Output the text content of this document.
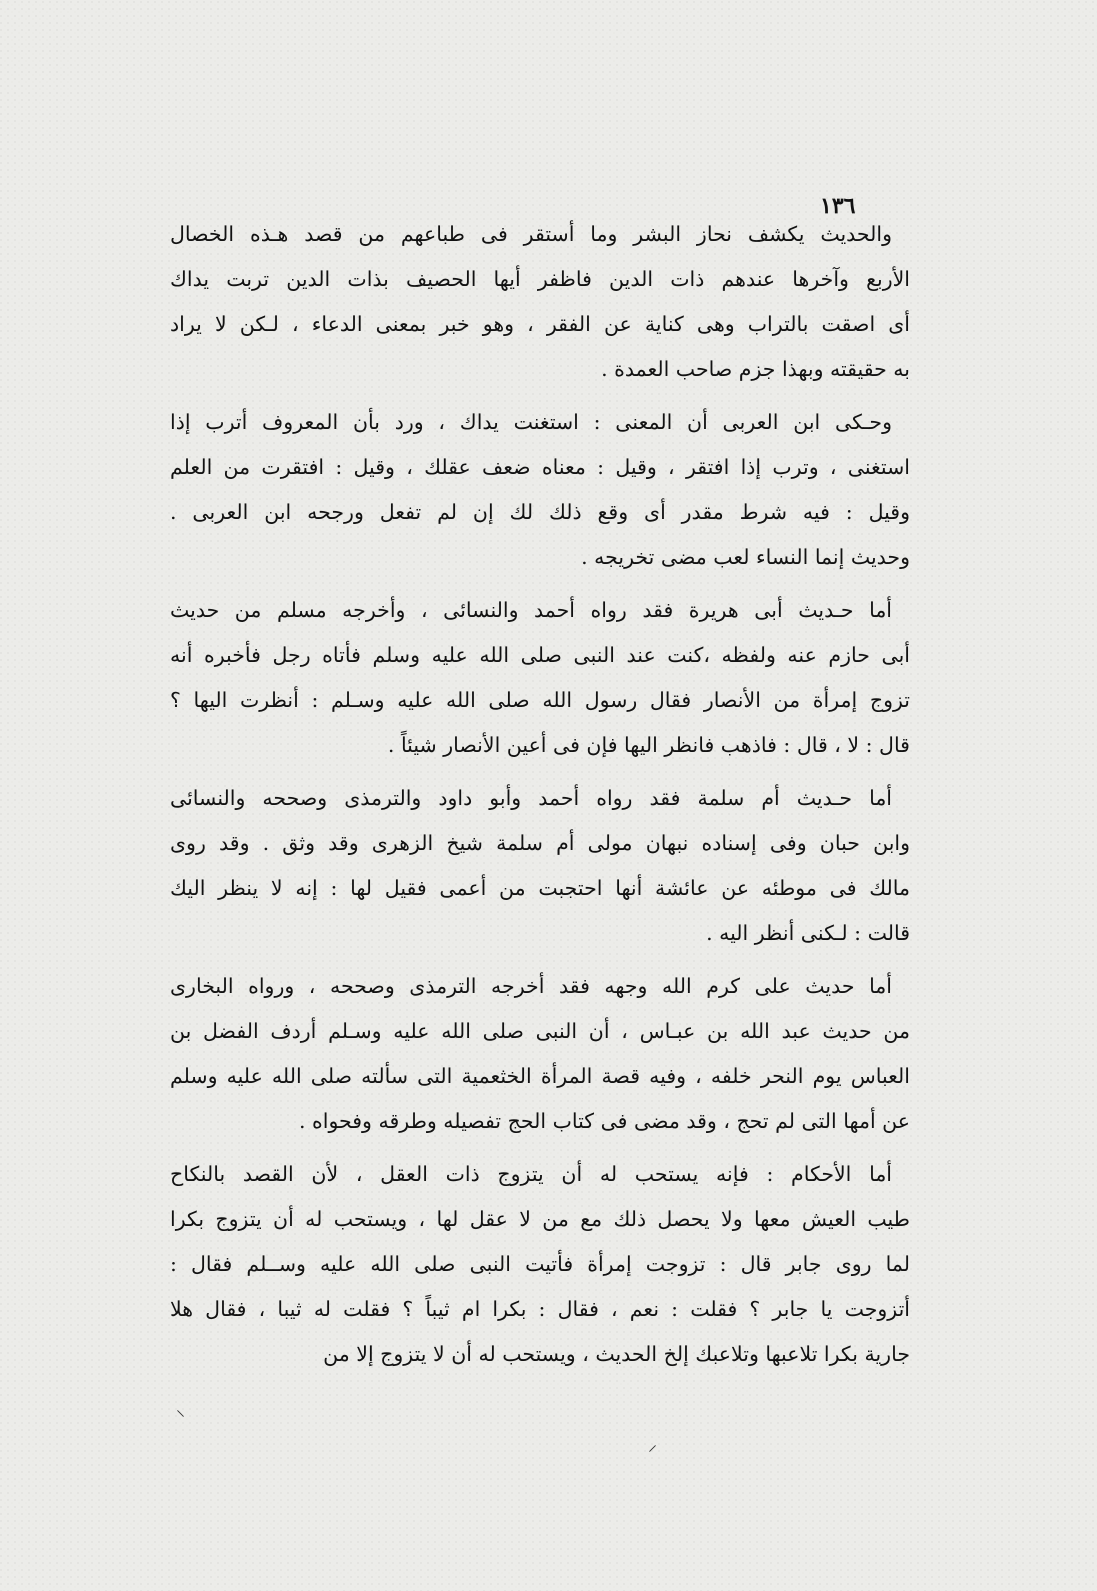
١٣٦

والحديث يكشف نحاز البشر وما أستقر فى طباعهم من قصد هـذه الخصال
الأربع وآخرها عندهم ذات الدين فاظفر أيها الحصيف بذات الدين تربت يداك
أى اصقت بالتراب وهى كناية عن الفقر ، وهو خبر بمعنى الدعاء ، لـكن لا يراد
به حقيقته وبهذا جزم صاحب العمدة .

وحـكى ابن العربى أن المعنى : استغنت يداك ، ورد بأن المعروف أترب إذا
استغنى ، وترب إذا افتقر ، وقيل : معناه ضعف عقلك ، وقيل : افتقرت من العلم
وقيل : فيه شرط مقدر أى وقع ذلك لك إن لم تفعل ورجحه ابن العربى .
وحديث إنما النساء لعب مضى تخريجه .

أما حـديث أبى هريرة فقد رواه أحمد والنسائى ، وأخرجه مسلم من حديث
أبى حازم عنه ولفظه ،كنت عند النبى صلى الله عليه وسلم فأتاه رجل فأخبره أنه
تزوج إمرأة من الأنصار فقال رسول الله صلى الله عليه وسـلم : أنظرت اليها ؟
قال : لا ، قال : فاذهب فانظر اليها فإن فى أعين الأنصار شيئاً .

أما حـديث أم سلمة فقد رواه أحمد وأبو داود والترمذى وصححه والنسائى
وابن حبان وفى إسناده نبهان مولى أم سلمة شيخ الزهرى وقد وثق . وقد روى
مالك فى موطئه عن عائشة أنها احتجبت من أعمى فقيل لها : إنه لا ينظر اليك
قالت : لـكنى أنظر اليه .

أما حديث على كرم الله وجهه فقد أخرجه الترمذى وصححه ، ورواه البخارى
من حديث عبد الله بن عبـاس ، أن النبى صلى الله عليه وسـلم أردف الفضل بن
العباس يوم النحر خلفه ، وفيه قصة المرأة الخثعمية التى سألته صلى الله عليه وسلم
عن أمها التى لم تحج ، وقد مضى فى كتاب الحج تفصيله وطرقه وفحواه .

أما الأحكام : فإنه يستحب له أن يتزوج ذات العقل ، لأن القصد بالنكاح
طيب العيش معها ولا يحصل ذلك مع من لا عقل لها ، ويستحب له أن يتزوج بكرا
لما روى جابر قال : تزوجت إمرأة فأتيت النبى صلى الله عليه وســلم فقال :
أتزوجت يا جابر ؟ فقلت : نعم ، فقال : بكرا ام ثيباً ؟ فقلت له ثيبا ، فقال هلا
جارية بكرا تلاعبها وتلاعبك إلخ الحديث ، ويستحب له أن لا يتزوج إلا من

⸍
⸌
